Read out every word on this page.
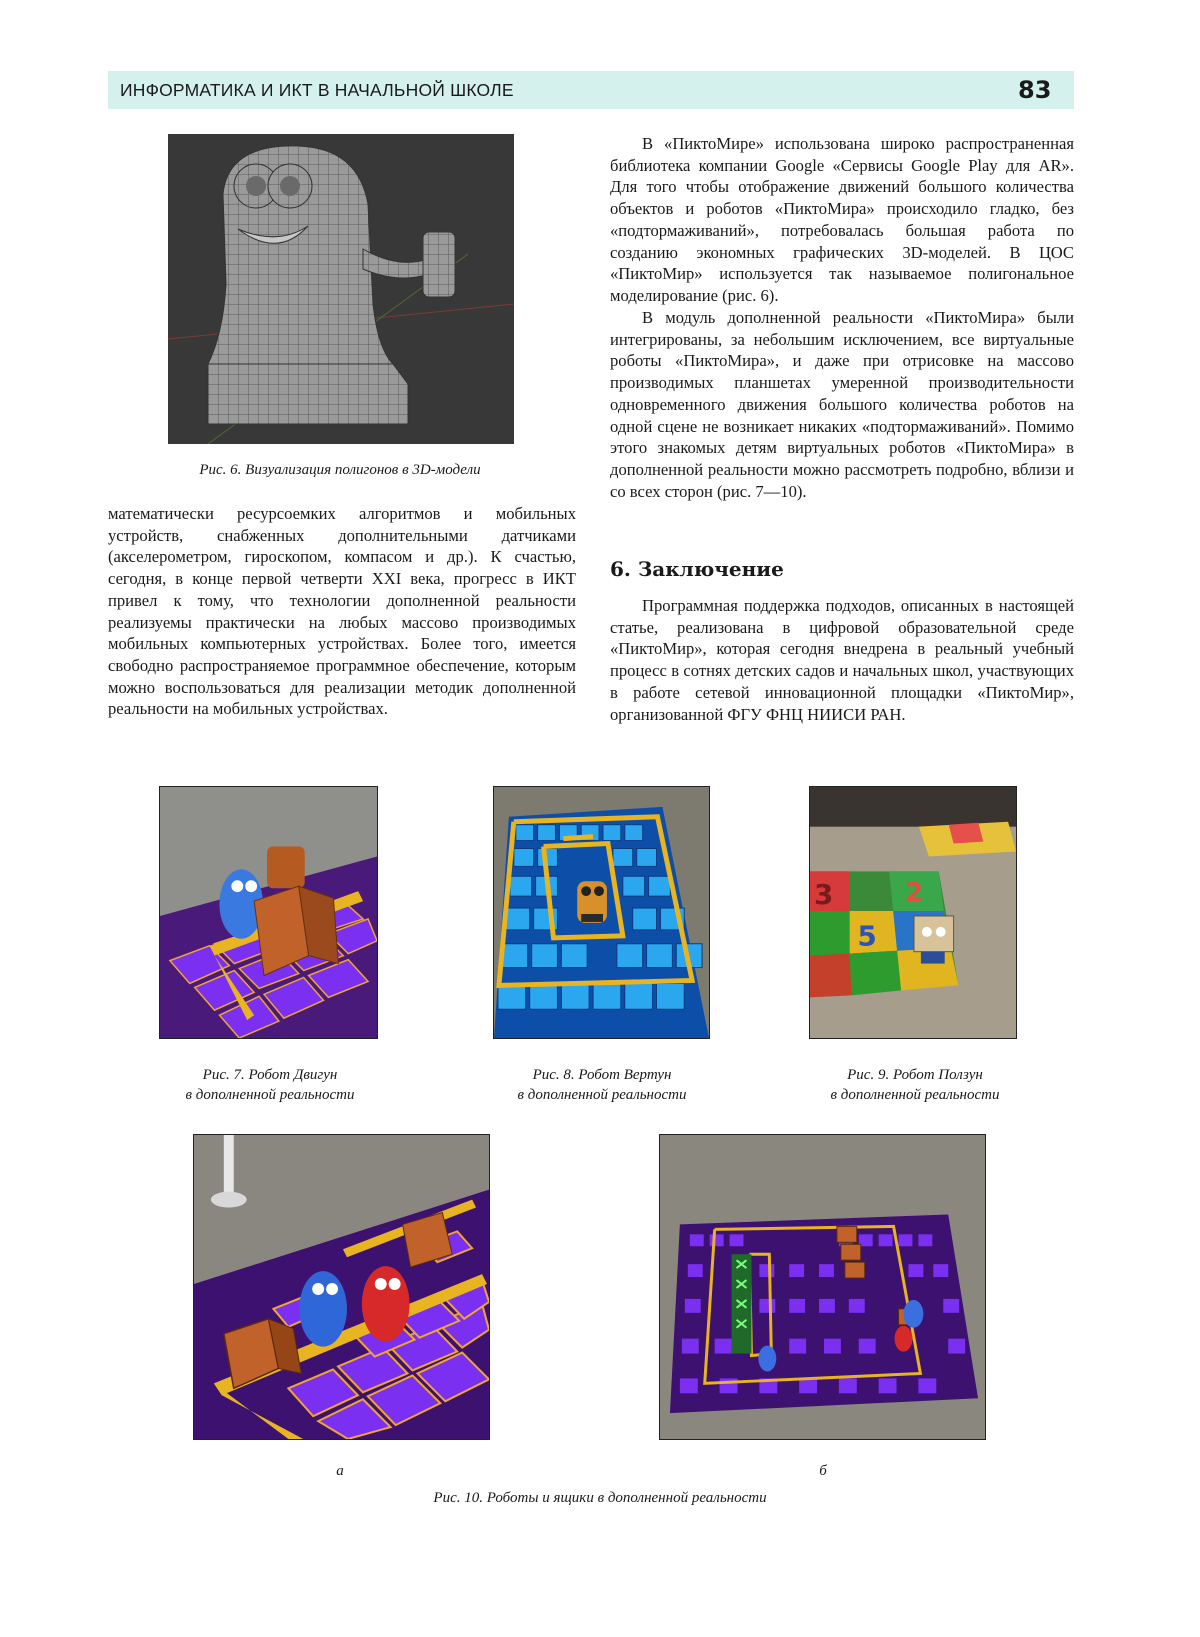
ИНФОРМАТИКА И ИКТ В НАЧАЛЬНОЙ ШКОЛЕ	83
Рис. 6. Визуализация полигонов в 3D-модели

математически ресурсоемких алгоритмов и мобильных устройств, снабженных дополнительными датчиками (акселерометром, гироскопом, компасом и др.). К счастью, сегодня, в конце первой четверти XXI века, прогресс в ИКТ привел к тому, что технологии дополненной реальности реализуемы практически на любых массово производимых мобильных компьютерных устройствах. Более того, имеется свободно распространяемое программное обеспечение, которым можно воспользоваться для реализации методик дополненной реальности на мобильных устройствах.

В «ПиктоМире» использована широко распространенная библиотека компании Google «Сервисы Google Play для AR». Для того чтобы отображение движений большого количества объектов и роботов «ПиктоМира» происходило гладко, без «подтормаживаний», потребовалась большая работа по созданию экономных графических 3D-моделей. В ЦОС «ПиктоМир» используется так называемое полигональное моделирование (рис. 6).

В модуль дополненной реальности «ПиктоМира» были интегрированы, за небольшим исключением, все виртуальные роботы «ПиктоМира», и даже при отрисовке на массово производимых планшетах умеренной производительности одновременного движения большого количества роботов на одной сцене не возникает никаких «подтормаживаний». Помимо этого знакомых детям виртуальных роботов «ПиктоМира» в дополненной реальности можно рассмотреть подробно, вблизи и со всех сторон (рис. 7—10).

6. Заключение

Программная поддержка подходов, описанных в настоящей статье, реализована в цифровой образовательной среде «ПиктоМир», которая сегодня внедрена в реальный учебный процесс в сотнях детских садов и начальных школ, участвующих в работе сетевой инновационной площадки «ПиктоМир», организованной ФГУ ФНЦ НИИСИ РАН.

Рис. 7. Робот Двигун
в дополненной реальности
Рис. 8. Робот Вертун
в дополненной реальности
3	2
5
Рис. 9. Робот Ползун
в дополненной реальности
а	б
Рис. 10. Роботы и ящики в дополненной реальности
